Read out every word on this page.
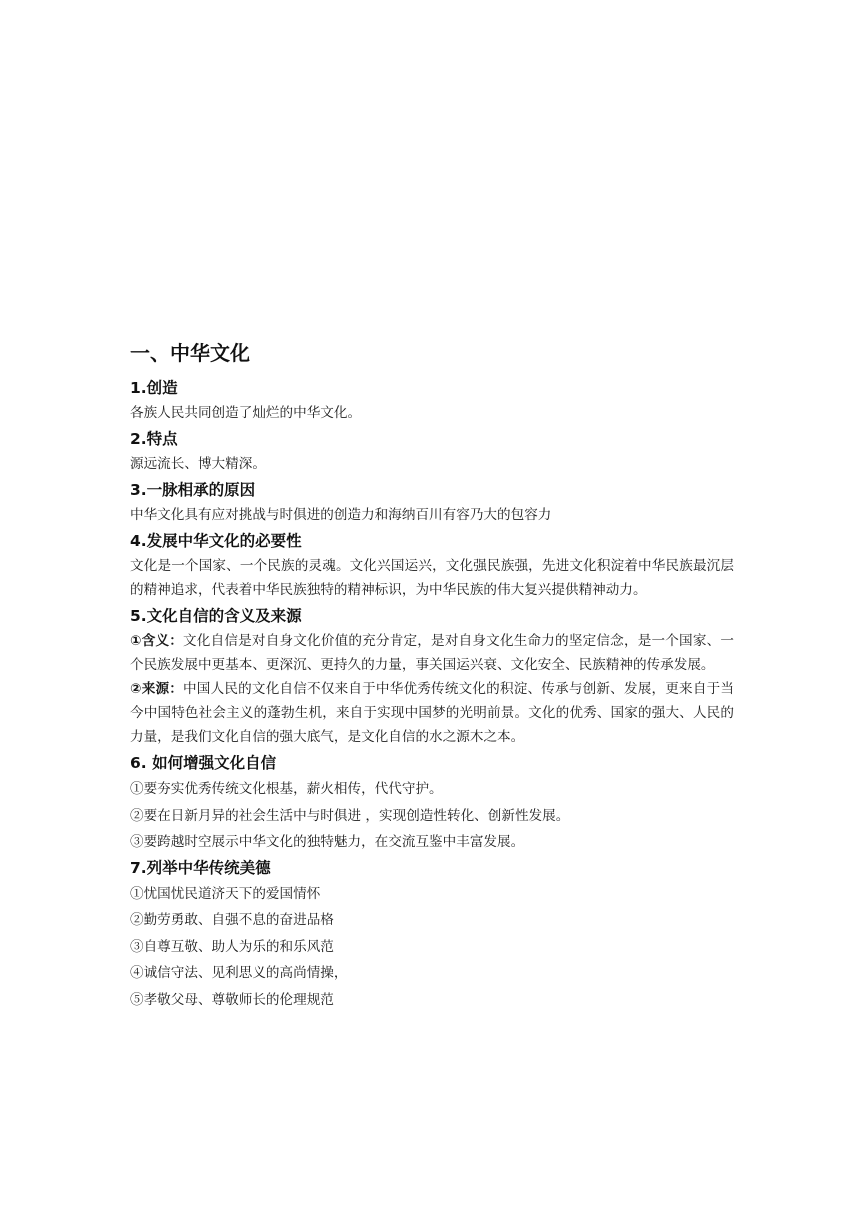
一、中华文化
1.创造
各族人民共同创造了灿烂的中华文化。
2.特点
源远流长、博大精深。
3.一脉相承的原因
中华文化具有应对挑战与时俱进的创造力和海纳百川有容乃大的包容力
4.发展中华文化的必要性
文化是一个国家、一个民族的灵魂。文化兴国运兴，文化强民族强，先进文化积淀着中华民族最沉层的精神追求，代表着中华民族独特的精神标识，为中华民族的伟大复兴提供精神动力。
5.文化自信的含义及来源
①含义：文化自信是对自身文化价值的充分肯定，是对自身文化生命力的坚定信念，是一个国家、一个民族发展中更基本、更深沉、更持久的力量，事关国运兴衰、文化安全、民族精神的传承发展。
②来源：中国人民的文化自信不仅来自于中华优秀传统文化的积淀、传承与创新、发展，更来自于当今中国特色社会主义的蓬勃生机，来自于实现中国梦的光明前景。文化的优秀、国家的强大、人民的力量，是我们文化自信的强大底气，是文化自信的水之源木之本。
6. 如何增强文化自信
①要夯实优秀传统文化根基，薪火相传，代代守护。
②要在日新月异的社会生活中与时俱进 ，实现创造性转化、创新性发展。
③要跨越时空展示中华文化的独特魅力，在交流互鉴中丰富发展。
7.列举中华传统美德
①忧国忧民道济天下的爱国情怀
②勤劳勇敢、自强不息的奋进品格
③自尊互敬、助人为乐的和乐风范
④诚信守法、见利思义的高尚情操，
⑤孝敬父母、尊敬师长的伦理规范
